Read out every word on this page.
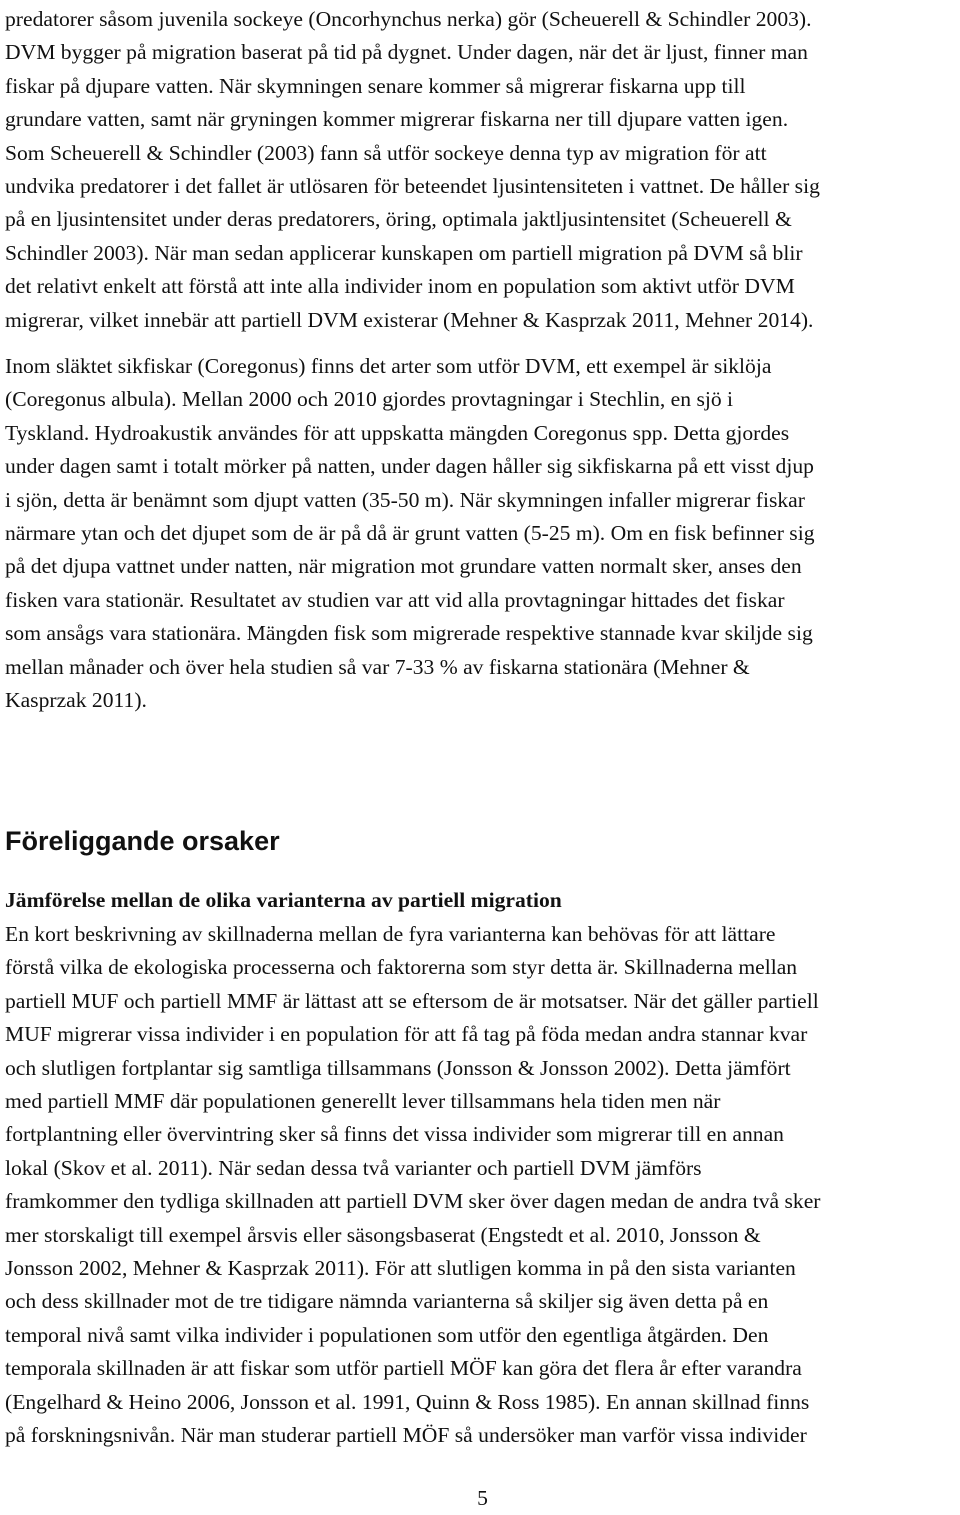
predatorer såsom juvenila sockeye (Oncorhynchus nerka) gör (Scheuerell & Schindler 2003).
DVM bygger på migration baserat på tid på dygnet. Under dagen, när det är ljust, finner man
fiskar på djupare vatten. När skymningen senare kommer så migrerar fiskarna upp till
grundare vatten, samt när gryningen kommer migrerar fiskarna ner till djupare vatten igen.
Som Scheuerell & Schindler (2003) fann så utför sockeye denna typ av migration för att
undvika predatorer i det fallet är utlösaren för beteendet ljusintensiteten i vattnet. De håller sig
på en ljusintensitet under deras predatorers, öring, optimala jaktljusintensitet (Scheuerell &
Schindler 2003). När man sedan applicerar kunskapen om partiell migration på DVM så blir
det relativt enkelt att förstå att inte alla individer inom en population som aktivt utför DVM
migrerar, vilket innebär att partiell DVM existerar (Mehner & Kasprzak 2011, Mehner 2014).

Inom släktet sikfiskar (Coregonus) finns det arter som utför DVM, ett exempel är siklöja
(Coregonus albula). Mellan 2000 och 2010 gjordes provtagningar i Stechlin, en sjö i
Tyskland. Hydroakustik användes för att uppskatta mängden Coregonus spp. Detta gjordes
under dagen samt i totalt mörker på natten, under dagen håller sig sikfiskarna på ett visst djup
i sjön, detta är benämnt som djupt vatten (35-50 m). När skymningen infaller migrerar fiskar
närmare ytan och det djupet som de är på då är grunt vatten (5-25 m). Om en fisk befinner sig
på det djupa vattnet under natten, när migration mot grundare vatten normalt sker, anses den
fisken vara stationär. Resultatet av studien var att vid alla provtagningar hittades det fiskar
som ansågs vara stationära. Mängden fisk som migrerade respektive stannade kvar skiljde sig
mellan månader och över hela studien så var 7-33 % av fiskarna stationära (Mehner &
Kasprzak 2011).

Föreliggande orsaker
Jämförelse mellan de olika varianterna av partiell migration

En kort beskrivning av skillnaderna mellan de fyra varianterna kan behövas för att lättare
förstå vilka de ekologiska processerna och faktorerna som styr detta är. Skillnaderna mellan
partiell MUF och partiell MMF är lättast att se eftersom de är motsatser. När det gäller partiell
MUF migrerar vissa individer i en population för att få tag på föda medan andra stannar kvar
och slutligen fortplantar sig samtliga tillsammans (Jonsson & Jonsson 2002). Detta jämfört
med partiell MMF där populationen generellt lever tillsammans hela tiden men när
fortplantning eller övervintring sker så finns det vissa individer som migrerar till en annan
lokal (Skov et al. 2011). När sedan dessa två varianter och partiell DVM jämförs
framkommer den tydliga skillnaden att partiell DVM sker över dagen medan de andra två sker
mer storskaligt till exempel årsvis eller säsongsbaserat (Engstedt et al. 2010, Jonsson &
Jonsson 2002, Mehner & Kasprzak 2011). För att slutligen komma in på den sista varianten
och dess skillnader mot de tre tidigare nämnda varianterna så skiljer sig även detta på en
temporal nivå samt vilka individer i populationen som utför den egentliga åtgärden. Den
temporala skillnaden är att fiskar som utför partiell MÖF kan göra det flera år efter varandra
(Engelhard & Heino 2006, Jonsson et al. 1991, Quinn & Ross 1985). En annan skillnad finns
på forskningsnivån. När man studerar partiell MÖF så undersöker man varför vissa individer

5
